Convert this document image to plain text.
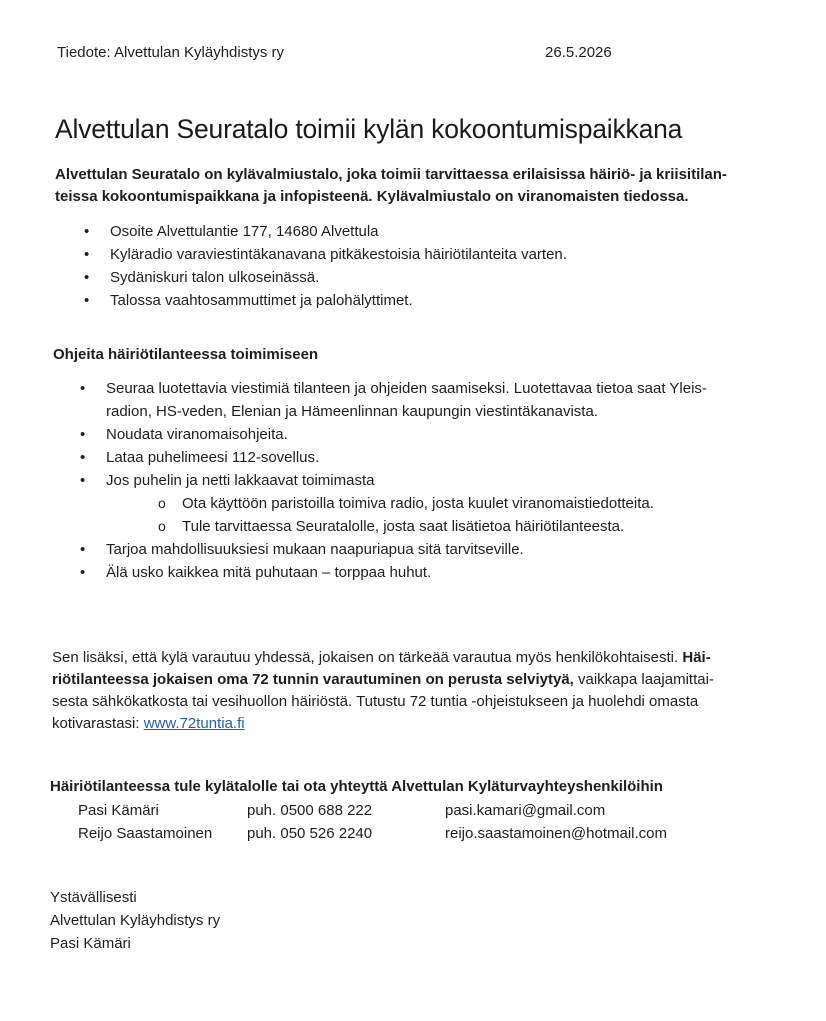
Tiedote: Alvettulan Kyläyhdistys ry	26.5.2026
Alvettulan Seuratalo toimii kylän kokoontumispaikkana
Alvettulan Seuratalo on kylävalmiustalo, joka toimii tarvittaessa erilaisissa häiriö- ja kriisitilan-
teissa kokoontumispaikkana ja infopisteenä. Kylävalmiustalo on viranomaisten tiedossa.
• Osoite Alvettulantie 177, 14680 Alvettula
• Kyläradio varaviestintäkanavana pitkäkestoisia häiriötilanteita varten.
• Sydäniskuri talon ulkoseinässä.
• Talossa vaahtosammuttimet ja palohälyttimet.
Ohjeita häiriötilanteessa toimimiseen
• Seuraa luotettavia viestimiä tilanteen ja ohjeiden saamiseksi. Luotettavaa tietoa saat Yleis-
radion, HS-veden, Elenian ja Hämeenlinnan kaupungin viestintäkanavista.
• Noudata viranomaisohjeita.
• Lataa puhelimeesi 112-sovellus.
• Jos puhelin ja netti lakkaavat toimimasta
o Ota käyttöön paristoilla toimiva radio, josta kuulet viranomaistiedotteita.
o Tule tarvittaessa Seuratalolle, josta saat lisätietoa häiriötilanteesta.
• Tarjoa mahdollisuuksiesi mukaan naapuriapua sitä tarvitseville.
• Älä usko kaikkea mitä puhutaan – torppaa huhut.
Sen lisäksi, että kylä varautuu yhdessä, jokaisen on tärkeää varautua myös henkilökohtaisesti. Häi-
riötilanteessa jokaisen oma 72 tunnin varautuminen on perusta selviytyä, vaikkapa laajamittai-
sesta sähkökatkosta tai vesihuollon häiriöstä. Tutustu 72 tuntia -ohjeistukseen ja huolehdi omasta
kotivarastasi: www.72tuntia.fi
Häiriötilanteessa tule kylätalolle tai ota yhteyttä Alvettulan Kyläturvayhteyshenkilöihin
Pasi Kämäri	puh. 0500 688 222	pasi.kamari@gmail.com
Reijo Saastamoinen puh. 050 526 2240	reijo.saastamoinen@hotmail.com
Ystävällisesti
Alvettulan Kyläyhdistys ry
Pasi Kämäri
